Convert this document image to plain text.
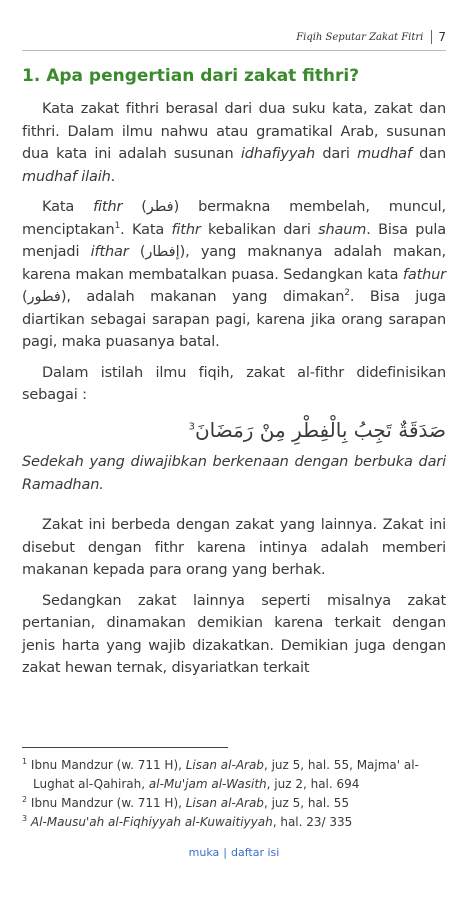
Fiqih Seputar Zakat Fitri 7
1. Apa pengertian dari zakat fithri?

Kata zakat fithri berasal dari dua suku kata, zakat dan fithri. Dalam ilmu nahwu atau gramatikal Arab, susunan dua kata ini adalah susunan idhafiyyah dari mudhaf dan mudhaf ilaih.

Kata fithr (فطر) bermakna membelah, muncul, menciptakan$^1$. Kata fithr kebalikan dari shaum. Bisa pula menjadi ifthar (إفطار), yang maknanya adalah makan, karena makan membatalkan puasa. Sedangkan kata fathur (فطور), adalah makanan yang dimakan$^2$. Bisa juga diartikan sebagai sarapan pagi, karena jika orang sarapan pagi, maka puasanya batal.

Dalam istilah ilmu fiqih, zakat al-fithr didefinisikan sebagai :

صَدَقَةٌ تَجِبُ بِالْفِطْرِ مِنْ رَمَضَانَ$^3$

Sedekah yang diwajibkan berkenaan dengan berbuka dari Ramadhan.

Zakat ini berbeda dengan zakat yang lainnya. Zakat ini disebut dengan fithr karena intinya adalah memberi makanan kepada para orang yang berhak.

Sedangkan zakat lainnya seperti misalnya zakat pertanian, dinamakan demikian karena terkait dengan jenis harta yang wajib dizakatkan. Demikian juga dengan zakat hewan ternak, disyariatkan terkait

$^1$ Ibnu Mandzur (w. 711 H), Lisan al-Arab, juz 5, hal. 55, Majma' al-Lughat al-Qahirah, al-Mu'jam al-Wasith, juz 2, hal. 694
$^2$ Ibnu Mandzur (w. 711 H), Lisan al-Arab, juz 5, hal. 55
$^3$ Al-Mausu'ah al-Fiqhiyyah al-Kuwaitiyyah, hal. 23/ 335
muka | daftar isi
